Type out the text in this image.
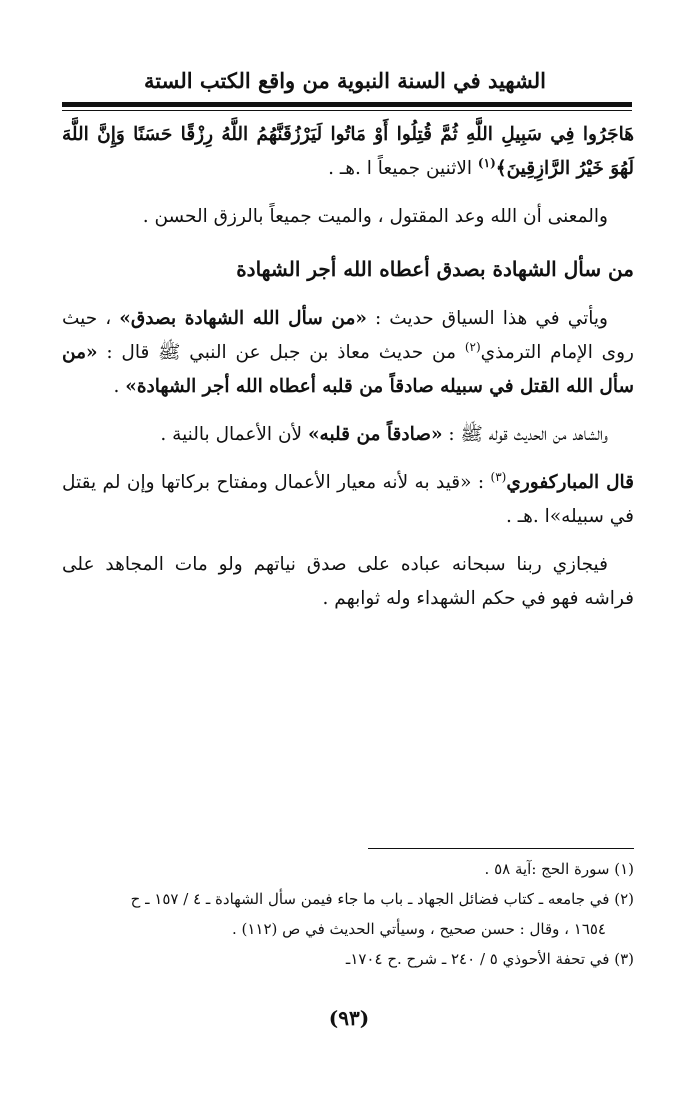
الشهيد في السنة النبوية من واقع الكتب الستة

هَاجَرُوا فِي سَبِيلِ اللَّهِ ثُمَّ قُتِلُوا أَوْ مَاتُوا لَيَرْزُقَنَّهُمُ اللَّهُ رِزْقًا حَسَنًا وَإِنَّ اللَّهَ لَهُوَ خَيْرُ الرَّازِقِينَ﴾$^{(١)}$ الاثنين جميعاً ا .هـ .

والمعنى أن الله وعد المقتول ، والميت جميعاً بالرزق الحسن .

من سأل الشهادة بصدق أعطاه الله أجر الشهادة

ويأتي في هذا السياق حديث : «من سأل الله الشهادة بصدق» ، حيث روى الإمام الترمذي$^{(٢)}$ من حديث معاذ بن جبل عن النبي ﷺ قال : «من سأل الله القتل في سبيله صادقاً من قلبه أعطاه الله أجر الشهادة» .

والشاهد من الحديث قوله ﷺ : «صادقاً من قلبه» لأن الأعمال بالنية .

قال المباركفوري$^{(٣)}$ : «قيد به لأنه معيار الأعمال ومفتاح بركاتها وإن لم يقتل في سبيله»ا .هـ .

فيجازي ربنا سبحانه عباده على صدق نياتهم ولو مات المجاهد على فراشه فهو في حكم الشهداء وله ثوابهم .

(١) سورة الحج :آية ٥٨ .

(٢) في جامعه ـ كتاب فضائل الجهاد ـ باب ما جاء فيمن سأل الشهادة ـ ٤ / ١٥٧ ـ ح

١٦٥٤ ، وقال : حسن صحيح ، وسيأتي الحديث في ص (١١٢) .

(٣) في تحفة الأحوذي ٥ / ٢٤٠ ـ شرح .ح ١٧٠٤ـ

(٩٣)
